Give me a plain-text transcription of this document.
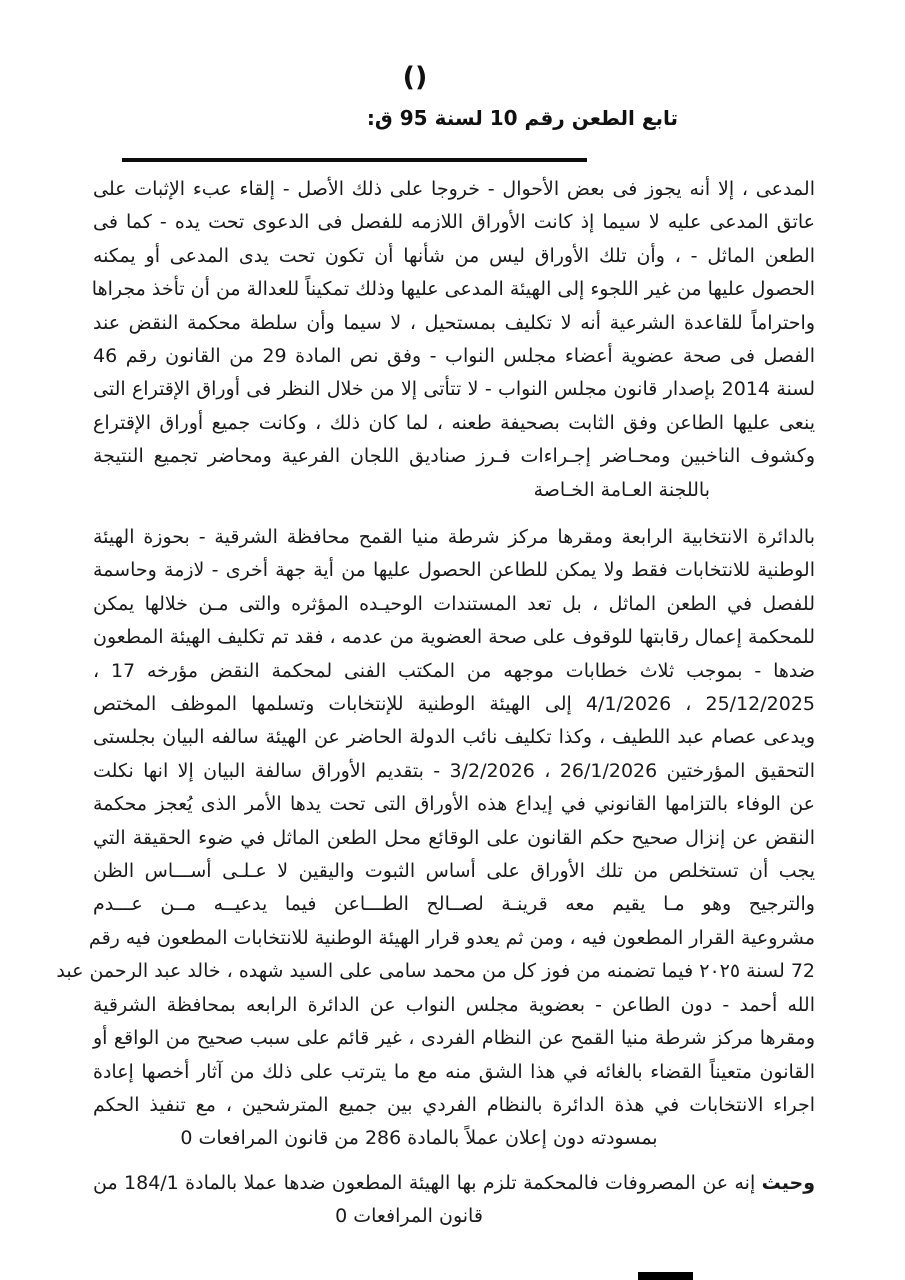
()
تابع الطعن رقم 10 لسنة 95 ق:
المدعى ، إلا أنه يجوز فى بعض الأحوال - خروجا على ذلك الأصل - إلقاء عبء الإثبات على
عاتق المدعى عليه لا سيما إذ كانت الأوراق اللازمه للفصل فى الدعوى تحت يده - كما فى
الطعن الماثل - ، وأن تلك الأوراق ليس من شأنها أن تكون تحت يدى المدعى أو يمكنه
الحصول عليها من غير اللجوء إلى الهيئة المدعى عليها وذلك تمكيناً للعدالة من أن تأخذ مجراها
واحتراماً للقاعدة الشرعية أنه لا تكليف بمستحيل ، لا سيما وأن سلطة محكمة النقض عند
الفصل فى صحة عضوية أعضاء مجلس النواب - وفق نص المادة 29 من القانون رقم 46
لسنة 2014 بإصدار قانون مجلس النواب - لا تتأتى إلا من خلال النظر فى أوراق الإقتراع التى
ينعى عليها الطاعن وفق الثابت بصحيفة طعنه ، لما كان ذلك ، وكانت جميع أوراق الإقتراع
وكشوف الناخبين ومحـاضر إجـراءات فـرز صناديق اللجان الفرعية ومحاضر تجميع النتيجة
باللجنة العـامة الخـاصة
بالدائرة الانتخابية الرابعة ومقرها مركز شرطة منيا القمح محافظة الشرقية - بحوزة الهيئة
الوطنية للانتخابات فقط ولا يمكن للطاعن الحصول عليها من أية جهة أخرى - لازمة وحاسمة
للفصل في الطعن الماثل ، بل تعد المستندات الوحيـده المؤثره والتى مـن خلالها يمكن
للمحكمة إعمال رقابتها للوقوف على صحة العضوية من عدمه ، فقد تم تكليف الهيئة المطعون
ضدها - بموجب ثلاث خطابات موجهه من المكتب الفنى لمحكمة النقض مؤرخه 17 ،
25/12/2025 ، 4/1/2026 إلى الهيئة الوطنية للإنتخابات وتسلمها الموظف المختص
ويدعى عصام عبد اللطيف ، وكذا تكليف نائب الدولة الحاضر عن الهيئة سالفه البيان بجلستى
التحقيق المؤرختين 26/1/2026 ، 3/2/2026 - بتقديم الأوراق سالفة البيان إلا انها نكلت
عن الوفاء بالتزامها القانوني في إيداع هذه الأوراق التى تحت يدها الأمر الذى يُعجز محكمة
النقض عن إنزال صحيح حكم القانون على الوقائع محل الطعن الماثل في ضوء الحقيقة التي
يجب أن تستخلص من تلك الأوراق على أساس الثبوت واليقين لا عـلـى أســـاس الظن
والترجيح وهو مـا يقيم معه قرينـة لصــالح الطـــاعن فيما يدعيــه مــن عـــدم
مشروعية القرار المطعون فيه ، ومن ثم يعدو قرار الهيئة الوطنية للانتخابات المطعون فيه رقم
72 لسنة ٢٠٢٥ فيما تضمنه من فوز كل من محمد سامى على السيد شهده ، خالد عبد الرحمن عبد
الله أحمد - دون الطاعن - بعضوية مجلس النواب عن الدائرة الرابعه بمحافظة الشرقية
ومقرها مركز شرطة منيا القمح عن النظام الفردى ، غير قائم على سبب صحيح من الواقع أو
القانون متعيناً القضاء بالغائه في هذا الشق منه مع ما يترتب على ذلك من آثار أخصها إعادة
اجراء الانتخابات في هذة الدائرة بالنظام الفردي بين جميع المترشحين ، مع تنفيذ الحكم
بمسودته دون إعلان عملاً بالمادة 286 من قانون المرافعات 0
وحيث إنه عن المصروفات فالمحكمة تلزم بها الهيئة المطعون ضدها عملا بالمادة 184/1 من
قانون المرافعات 0
